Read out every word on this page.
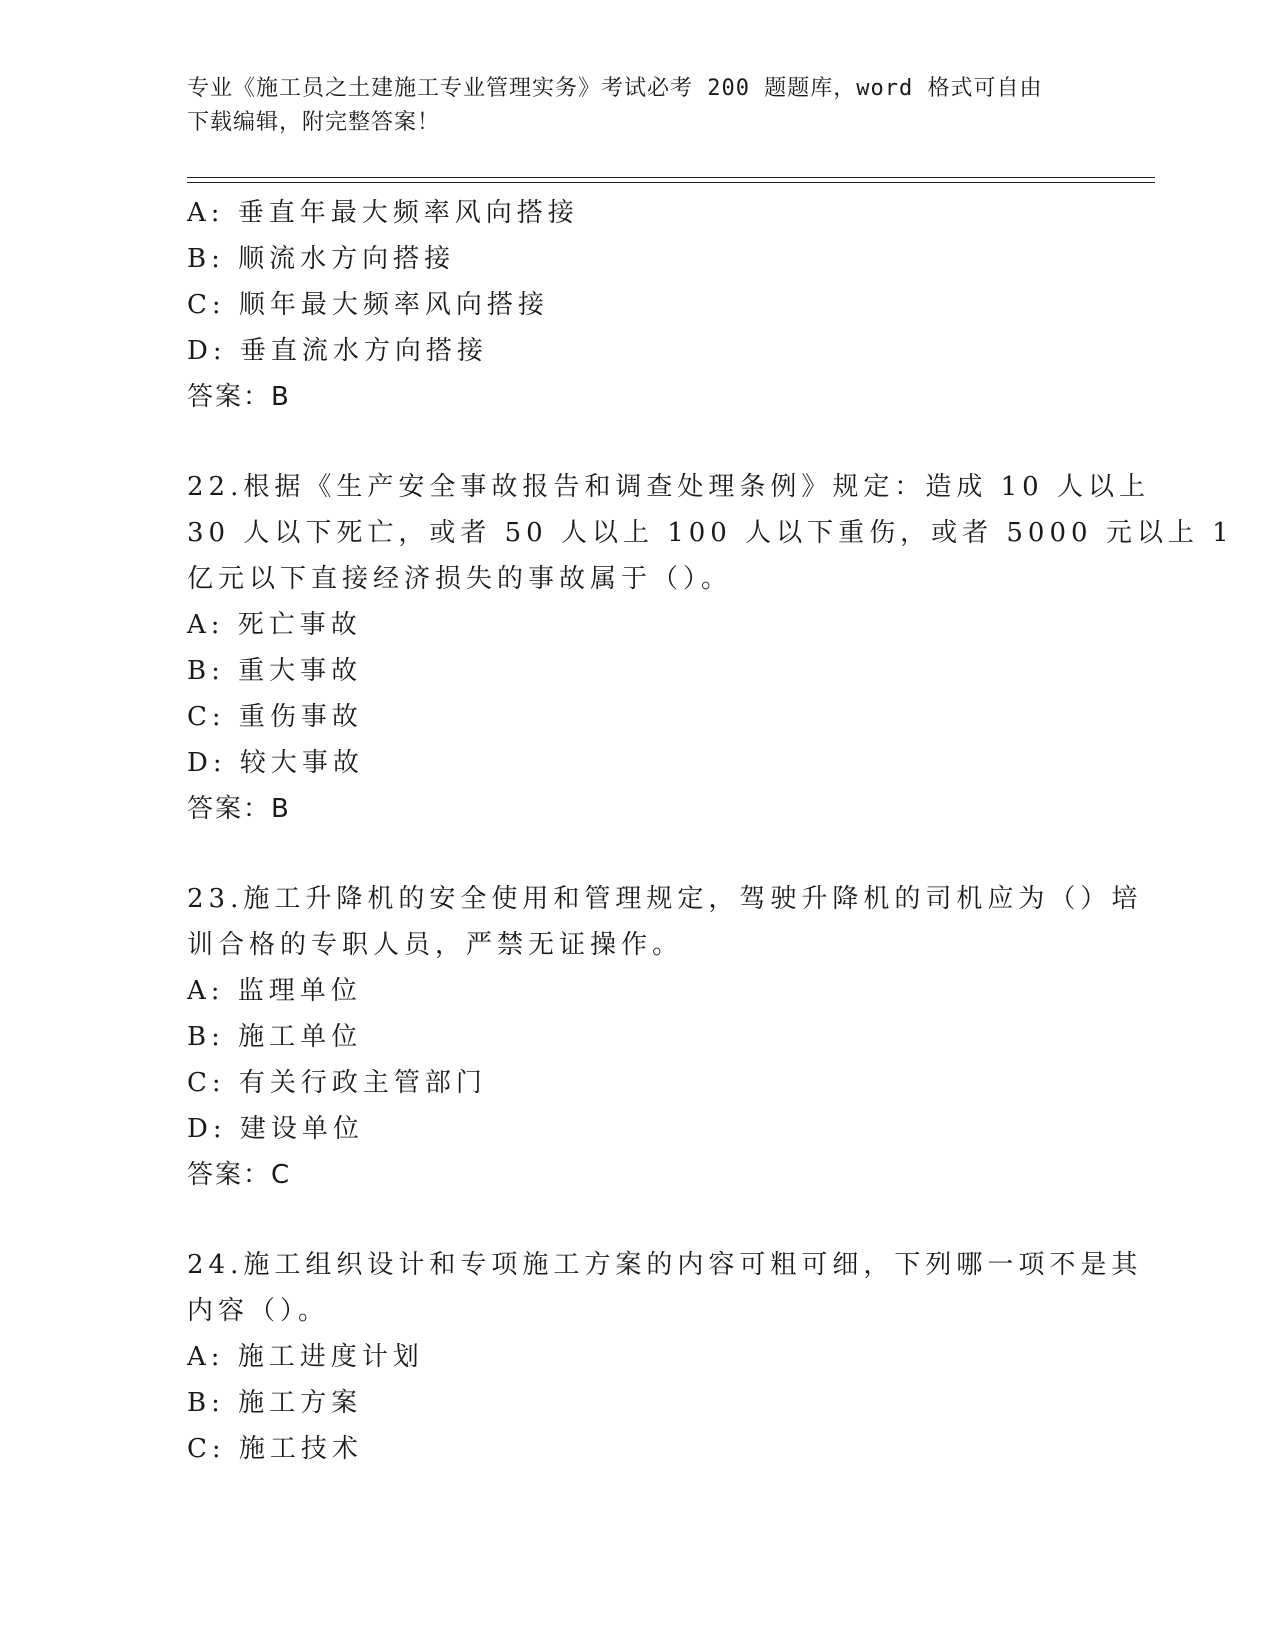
专业《施工员之土建施工专业管理实务》考试必考 200 题题库，word 格式可自由
下载编辑，附完整答案！
A: 垂直年最大频率风向搭接
B: 顺流水方向搭接
C: 顺年最大频率风向搭接
D: 垂直流水方向搭接
答案：B
22.根据《生产安全事故报告和调查处理条例》规定：造成 10 人以上
30 人以下死亡，或者 50 人以上 100 人以下重伤，或者 5000 元以上 1
亿元以下直接经济损失的事故属于（）。
A: 死亡事故
B: 重大事故
C: 重伤事故
D: 较大事故
答案：B
23.施工升降机的安全使用和管理规定，驾驶升降机的司机应为（）培
训合格的专职人员，严禁无证操作。
A: 监理单位
B: 施工单位
C: 有关行政主管部门
D: 建设单位
答案：C
24.施工组织设计和专项施工方案的内容可粗可细，下列哪一项不是其
内容（）。
A: 施工进度计划
B: 施工方案
C: 施工技术
